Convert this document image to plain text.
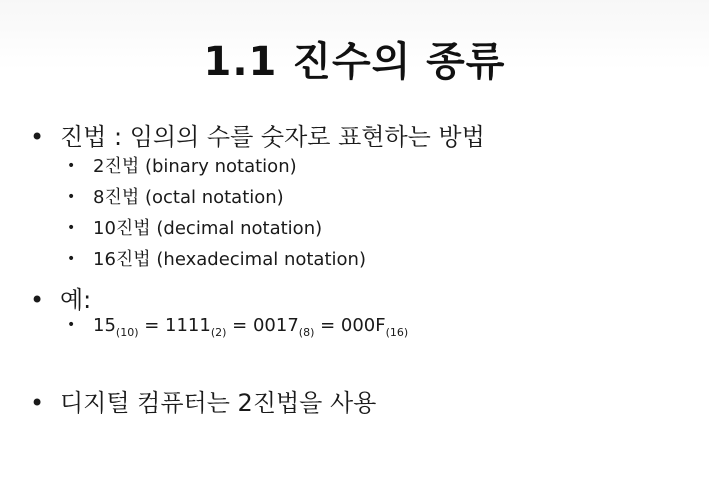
1.1 진수의 종류
• 진법 : 임의의 수를 숫자로 표현하는 방법
• 2진법 (binary notation)
• 8진법 (octal notation)
• 10진법 (decimal notation)
• 16진법 (hexadecimal notation)
• 예:
• $15_{(10)} = 1111_{(2)} = 0017_{(8)} = 000F_{(16)}$
• 디지털 컴퓨터는 2진법을 사용
